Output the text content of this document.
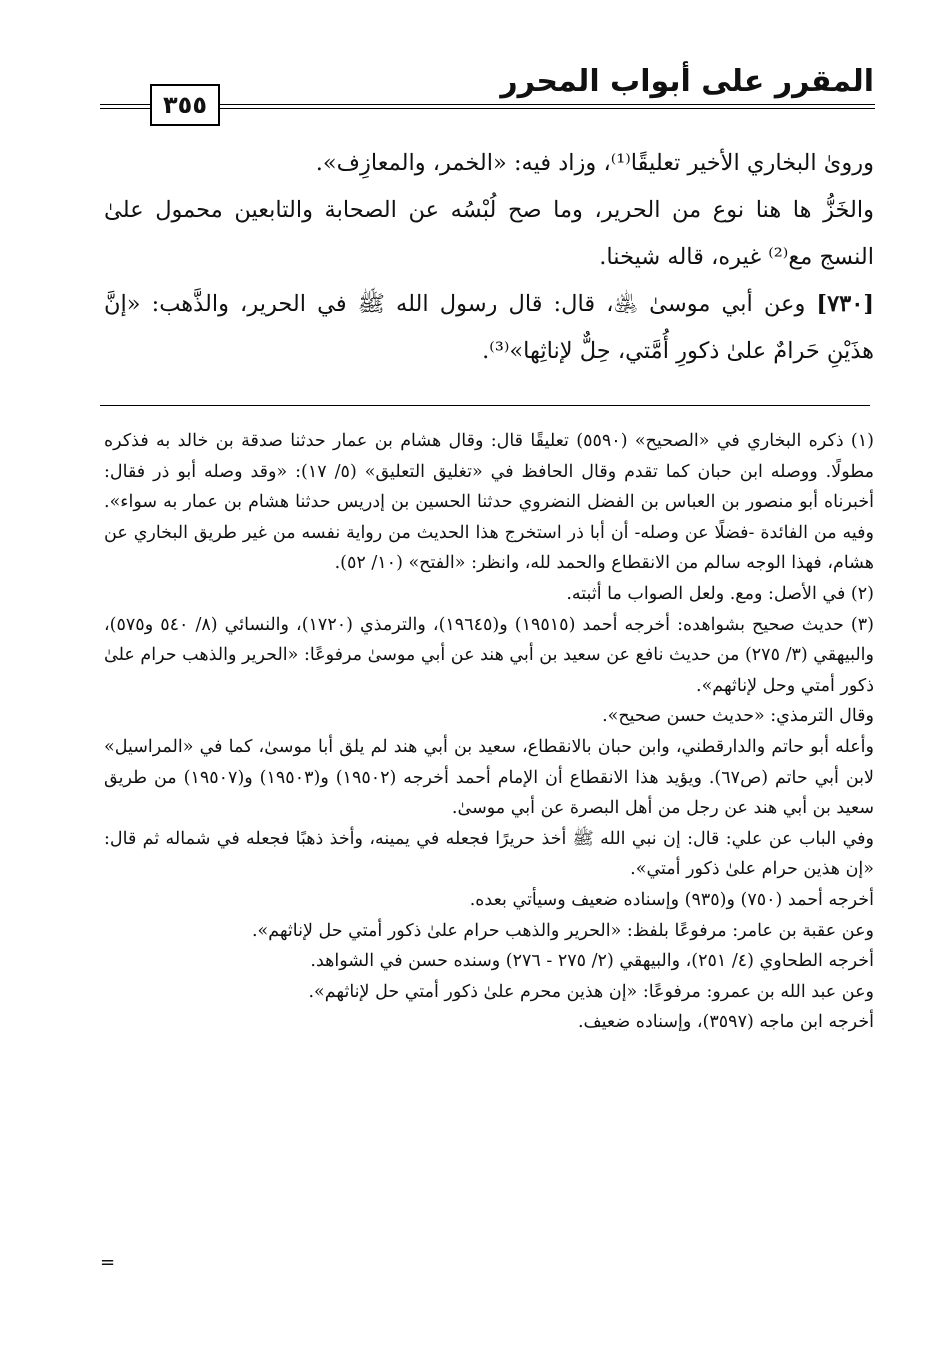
المقرر على أبواب المحرر
٣٥٥

وروىٰ البخاري الأخير تعليقًا⁽¹⁾، وزاد فيه: «الخمر، والمعازِف».

والخَزُّ ها هنا نوع من الحرير، وما صح لُبْسُه عن الصحابة والتابعين محمول علىٰ النسج مع⁽²⁾ غيره، قاله شيخنا.

[٧٣٠] وعن أبي موسىٰ ﵁، قال: قال رسول الله ﷺ في الحرير، والذَّهب: «إنَّ هذَيْنِ حَرامٌ علىٰ ذكورِ أُمَّتي، حِلٌّ لإناثِها»⁽³⁾.

(١) ذكره البخاري في «الصحيح» (٥٥٩٠) تعليقًا قال: وقال هشام بن عمار حدثنا صدقة بن خالد به فذكره مطولًا. ووصله ابن حبان كما تقدم وقال الحافظ في «تغليق التعليق» (٥/ ١٧): «وقد وصله أبو ذر فقال: أخبرناه أبو منصور بن العباس بن الفضل النضروي حدثنا الحسين بن إدريس حدثنا هشام بن عمار به سواء». وفيه من الفائدة -فضلًا عن وصله- أن أبا ذر استخرج هذا الحديث من رواية نفسه من غير طريق البخاري عن هشام، فهذا الوجه سالم من الانقطاع والحمد لله، وانظر: «الفتح» (١٠/ ٥٢).

(٢) في الأصل: ومع. ولعل الصواب ما أثبته.

(٣) حديث صحيح بشواهده: أخرجه أحمد (١٩٥١٥) و(١٩٦٤٥)، والترمذي (١٧٢٠)، والنسائي (٨/ ٥٤٠ و٥٧٥)، والبيهقي (٣/ ٢٧٥) من حديث نافع عن سعيد بن أبي هند عن أبي موسىٰ مرفوعًا: «الحرير والذهب حرام علىٰ ذكور أمتي وحل لإناثهم».

وقال الترمذي: «حديث حسن صحيح».

وأعله أبو حاتم والدارقطني، وابن حبان بالانقطاع، سعيد بن أبي هند لم يلق أبا موسىٰ، كما في «المراسيل» لابن أبي حاتم (ص٦٧). ويؤيد هذا الانقطاع أن الإمام أحمد أخرجه (١٩٥٠٢) و(١٩٥٠٣) و(١٩٥٠٧) من طريق سعيد بن أبي هند عن رجل من أهل البصرة عن أبي موسىٰ.

وفي الباب عن علي: قال: إن نبي الله ﷺ أخذ حريرًا فجعله في يمينه، وأخذ ذهبًا فجعله في شماله ثم قال: «إن هذين حرام علىٰ ذكور أمتي».

أخرجه أحمد (٧٥٠) و(٩٣٥) وإسناده ضعيف وسيأتي بعده.

وعن عقبة بن عامر: مرفوعًا بلفظ: «الحرير والذهب حرام علىٰ ذكور أمتي حل لإناثهم».

أخرجه الطحاوي (٤/ ٢٥١)، والبيهقي (٢/ ٢٧٥ - ٢٧٦) وسنده حسن في الشواهد.

وعن عبد الله بن عمرو: مرفوعًا: «إن هذين محرم علىٰ ذكور أمتي حل لإناثهم».

أخرجه ابن ماجه (٣٥٩٧)، وإسناده ضعيف.

=
